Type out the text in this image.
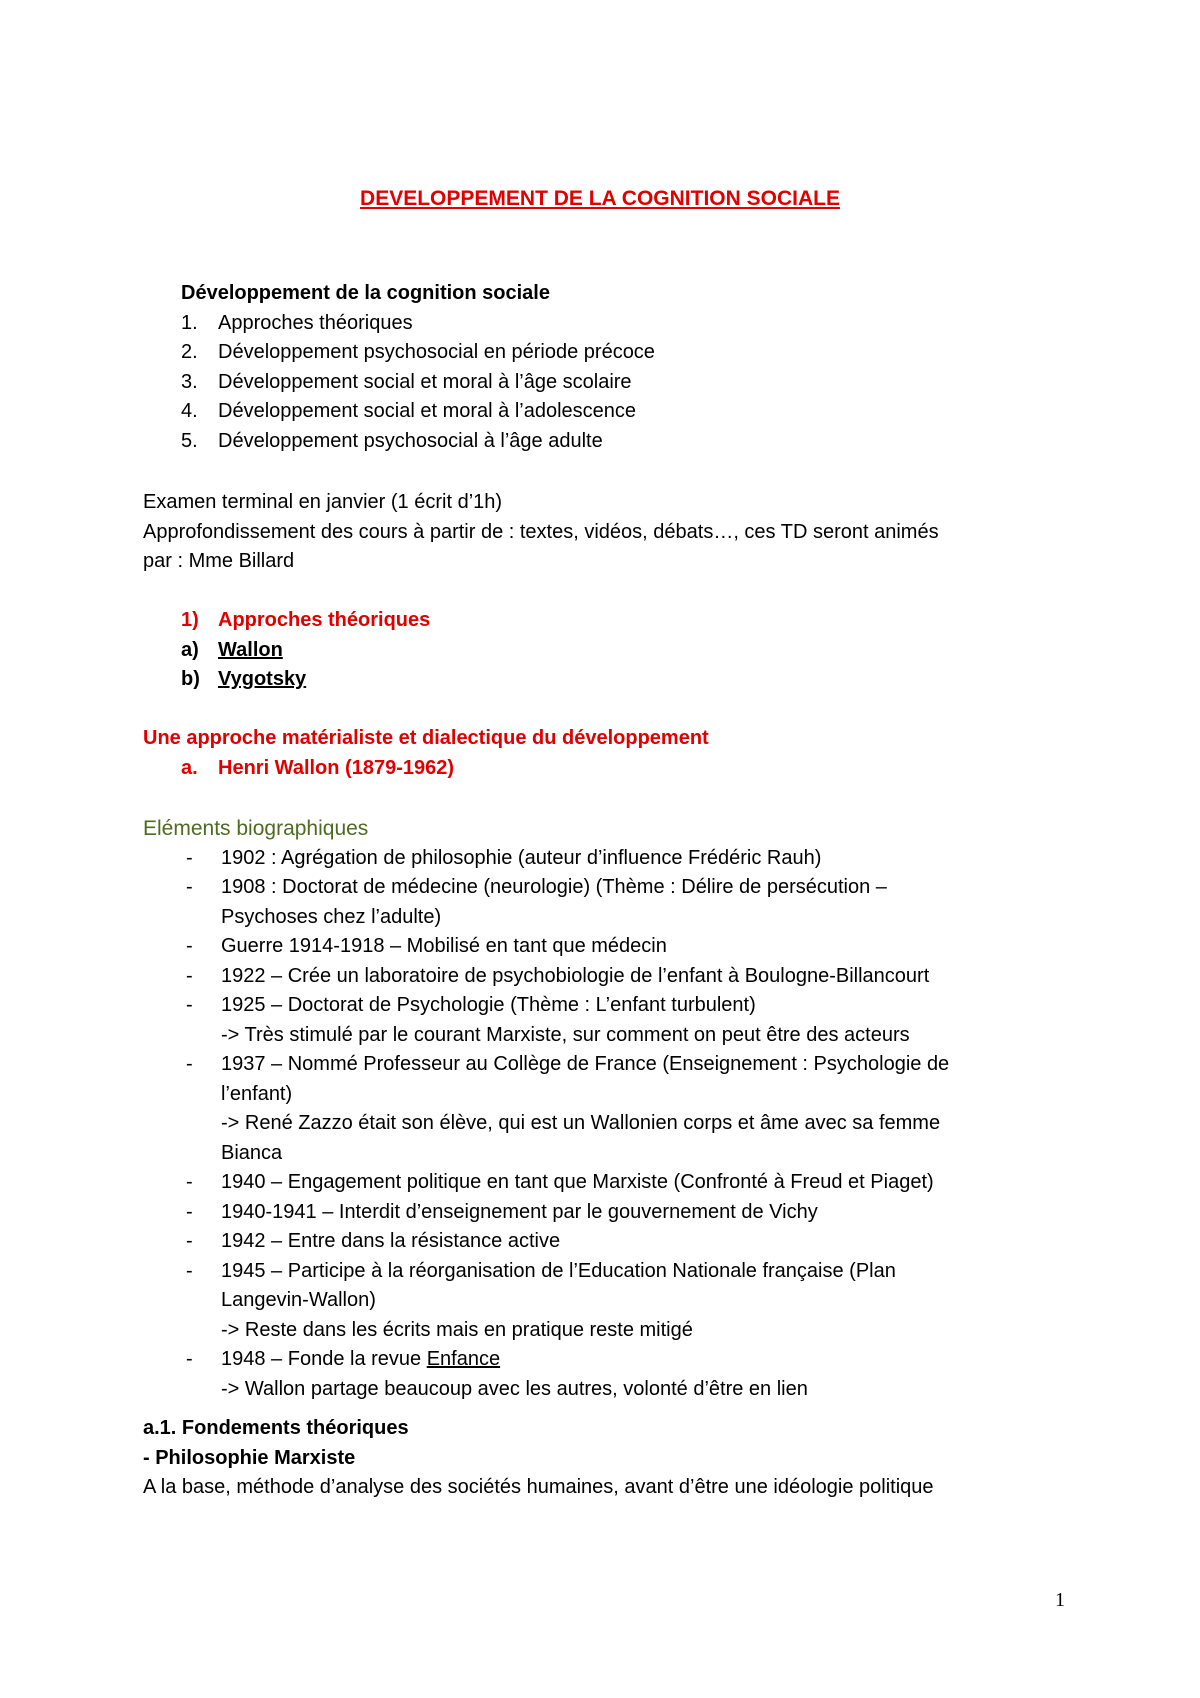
DEVELOPPEMENT DE LA COGNITION SOCIALE
Développement de la cognition sociale
1.	Approches théoriques
2.	Développement psychosocial en période précoce
3.	Développement social et moral à l’âge scolaire
4.	Développement social et moral à l’adolescence
5.	Développement psychosocial à l’âge adulte
Examen terminal en janvier (1 écrit d’1h)
Approfondissement des cours à partir de : textes, vidéos, débats…, ces TD seront animés
par : Mme Billard
1) Approches théoriques
a) Wallon
b) Vygotsky
Une approche matérialiste et dialectique du développement
a.	Henri Wallon (1879-1962)
Eléments biographiques
-	1902 : Agrégation de philosophie (auteur d’influence Frédéric Rauh)
-	1908 : Doctorat de médecine (neurologie) (Thème : Délire de persécution –
Psychoses chez l’adulte)
-	Guerre 1914-1918 – Mobilisé en tant que médecin
-	1922 – Crée un laboratoire de psychobiologie de l’enfant à Boulogne-Billancourt
-	1925 – Doctorat de Psychologie (Thème : L’enfant turbulent)
-> Très stimulé par le courant Marxiste, sur comment on peut être des acteurs
-	1937 – Nommé Professeur au Collège de France (Enseignement : Psychologie de
l’enfant)
-> René Zazzo était son élève, qui est un Wallonien corps et âme avec sa femme
Bianca
-	1940 – Engagement politique en tant que Marxiste (Confronté à Freud et Piaget)
-	1940-1941 – Interdit d’enseignement par le gouvernement de Vichy
-	1942 – Entre dans la résistance active
-	1945 – Participe à la réorganisation de l’Education Nationale française (Plan
Langevin-Wallon)
-> Reste dans les écrits mais en pratique reste mitigé
-	1948 – Fonde la revue Enfance
-> Wallon partage beaucoup avec les autres, volonté d’être en lien
a.1. Fondements théoriques
- Philosophie Marxiste
A la base, méthode d’analyse des sociétés humaines, avant d’être une idéologie politique
1
